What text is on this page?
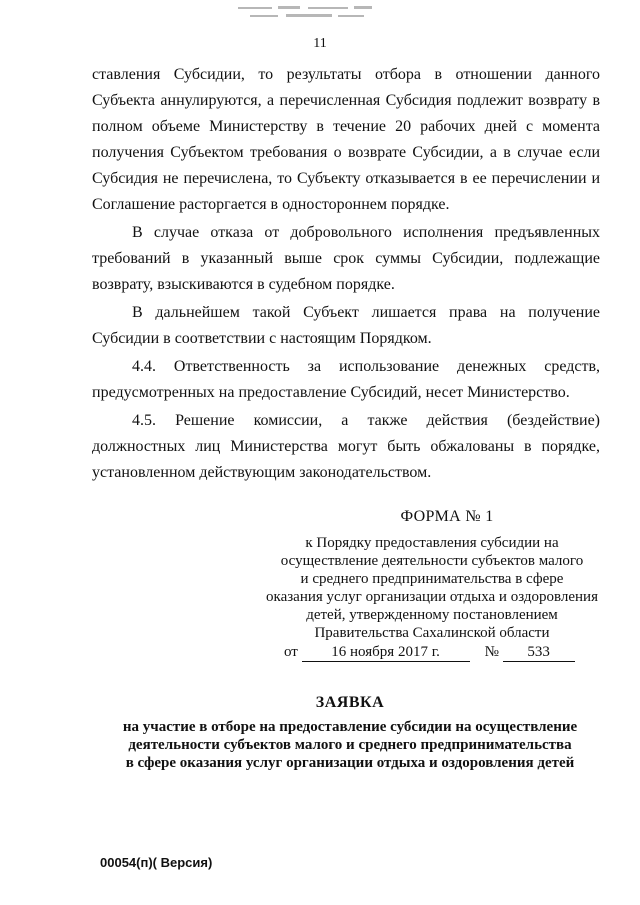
11

ставления Субсидии, то результаты отбора в отношении данного Субъекта аннулируются, а перечисленная Субсидия подлежит возврату в полном объеме Министерству в течение 20 рабочих дней с момента получения Субъектом требования о возврате Субсидии, а в случае если Субсидия не перечислена, то Субъекту отказывается в ее перечислении и Соглашение расторгается в одностороннем порядке.

В случае отказа от добровольного исполнения предъявленных требований в указанный выше срок суммы Субсидии, подлежащие возврату, взыскиваются в судебном порядке.

В дальнейшем такой Субъект лишается права на получение Субсидии в соответствии с настоящим Порядком.

4.4. Ответственность за использование денежных средств, предусмотренных на предоставление Субсидий, несет Министерство.

4.5. Решение комиссии, а также действия (бездействие) должностных лиц Министерства могут быть обжалованы в порядке, установленном действующим законодательством.

ФОРМА № 1
к Порядку предоставления субсидии на
осуществление деятельности субъектов малого
и среднего предпринимательства в сфере
оказания услуг организации отдыха и оздоровления
детей, утвержденному постановлением
Правительства Сахалинской области
от 16 ноября 2017 г.	№ 533
ЗАЯВКА
на участие в отборе на предоставление субсидии на осуществление
деятельности субъектов малого и среднего предпринимательства
в сфере оказания услуг организации отдыха и оздоровления детей
00054(п)( Версия)
